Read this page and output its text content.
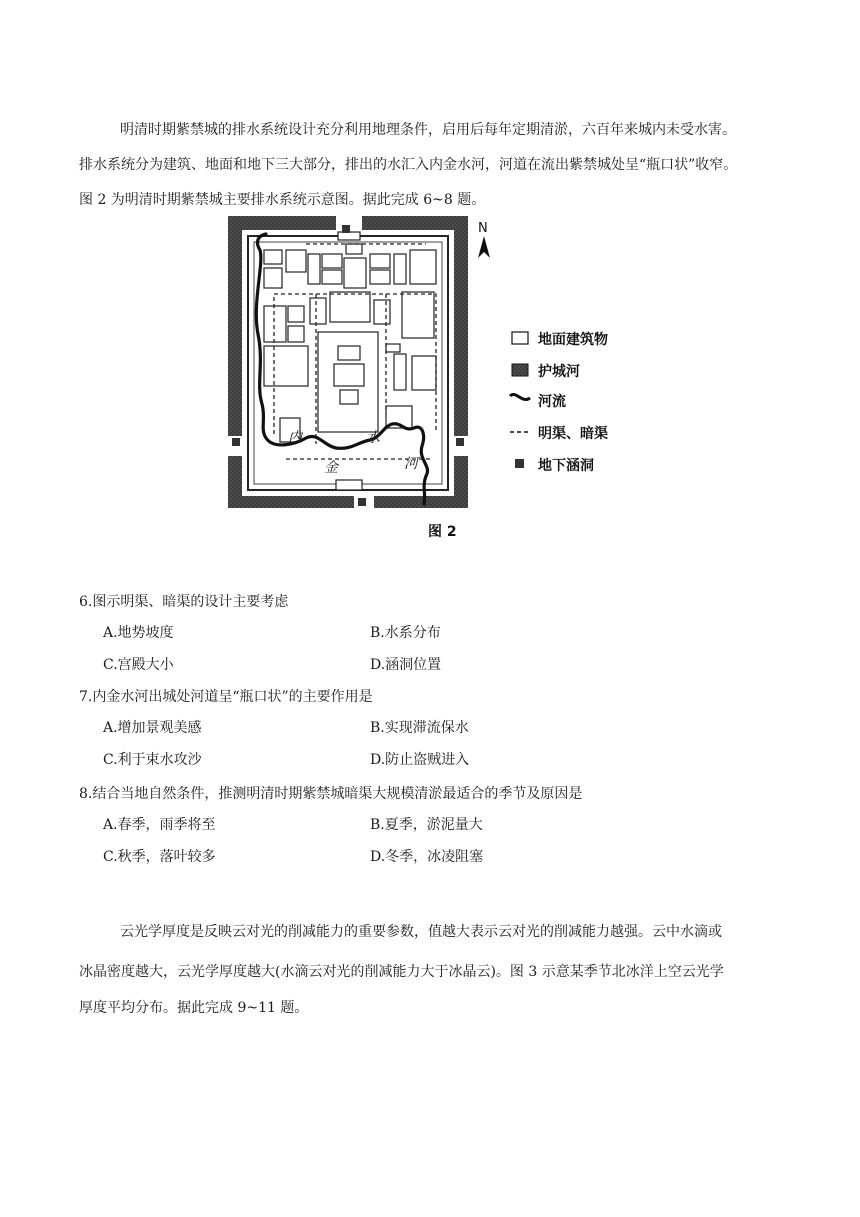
明清时期紫禁城的排水系统设计充分利用地理条件，启用后每年定期清淤，六百年来城内未受水害。
排水系统分为建筑、地面和地下三大部分，排出的水汇入内金水河，河道在流出紫禁城处呈“瓶口状”收窄。
图 2 为明清时期紫禁城主要排水系统示意图。据此完成 6~8 题。
内
金
水
河
N
地面建筑物
护城河
河流
明渠、暗渠
地下涵洞
图 2
6.图示明渠、暗渠的设计主要考虑
A.地势坡度	B.水系分布
C.宫殿大小	D.涵洞位置
7.内金水河出城处河道呈“瓶口状”的主要作用是
A.增加景观美感	B.实现滞流保水
C.利于束水攻沙	D.防止盗贼进入
8.结合当地自然条件，推测明清时期紫禁城暗渠大规模清淤最适合的季节及原因是
A.春季，雨季将至	B.夏季，淤泥量大
C.秋季，落叶较多	D.冬季，冰凌阻塞
云光学厚度是反映云对光的削减能力的重要参数，值越大表示云对光的削减能力越强。云中水滴或
冰晶密度越大，云光学厚度越大(水滴云对光的削减能力大于冰晶云)。图 3 示意某季节北冰洋上空云光学
厚度平均分布。据此完成 9~11 题。
